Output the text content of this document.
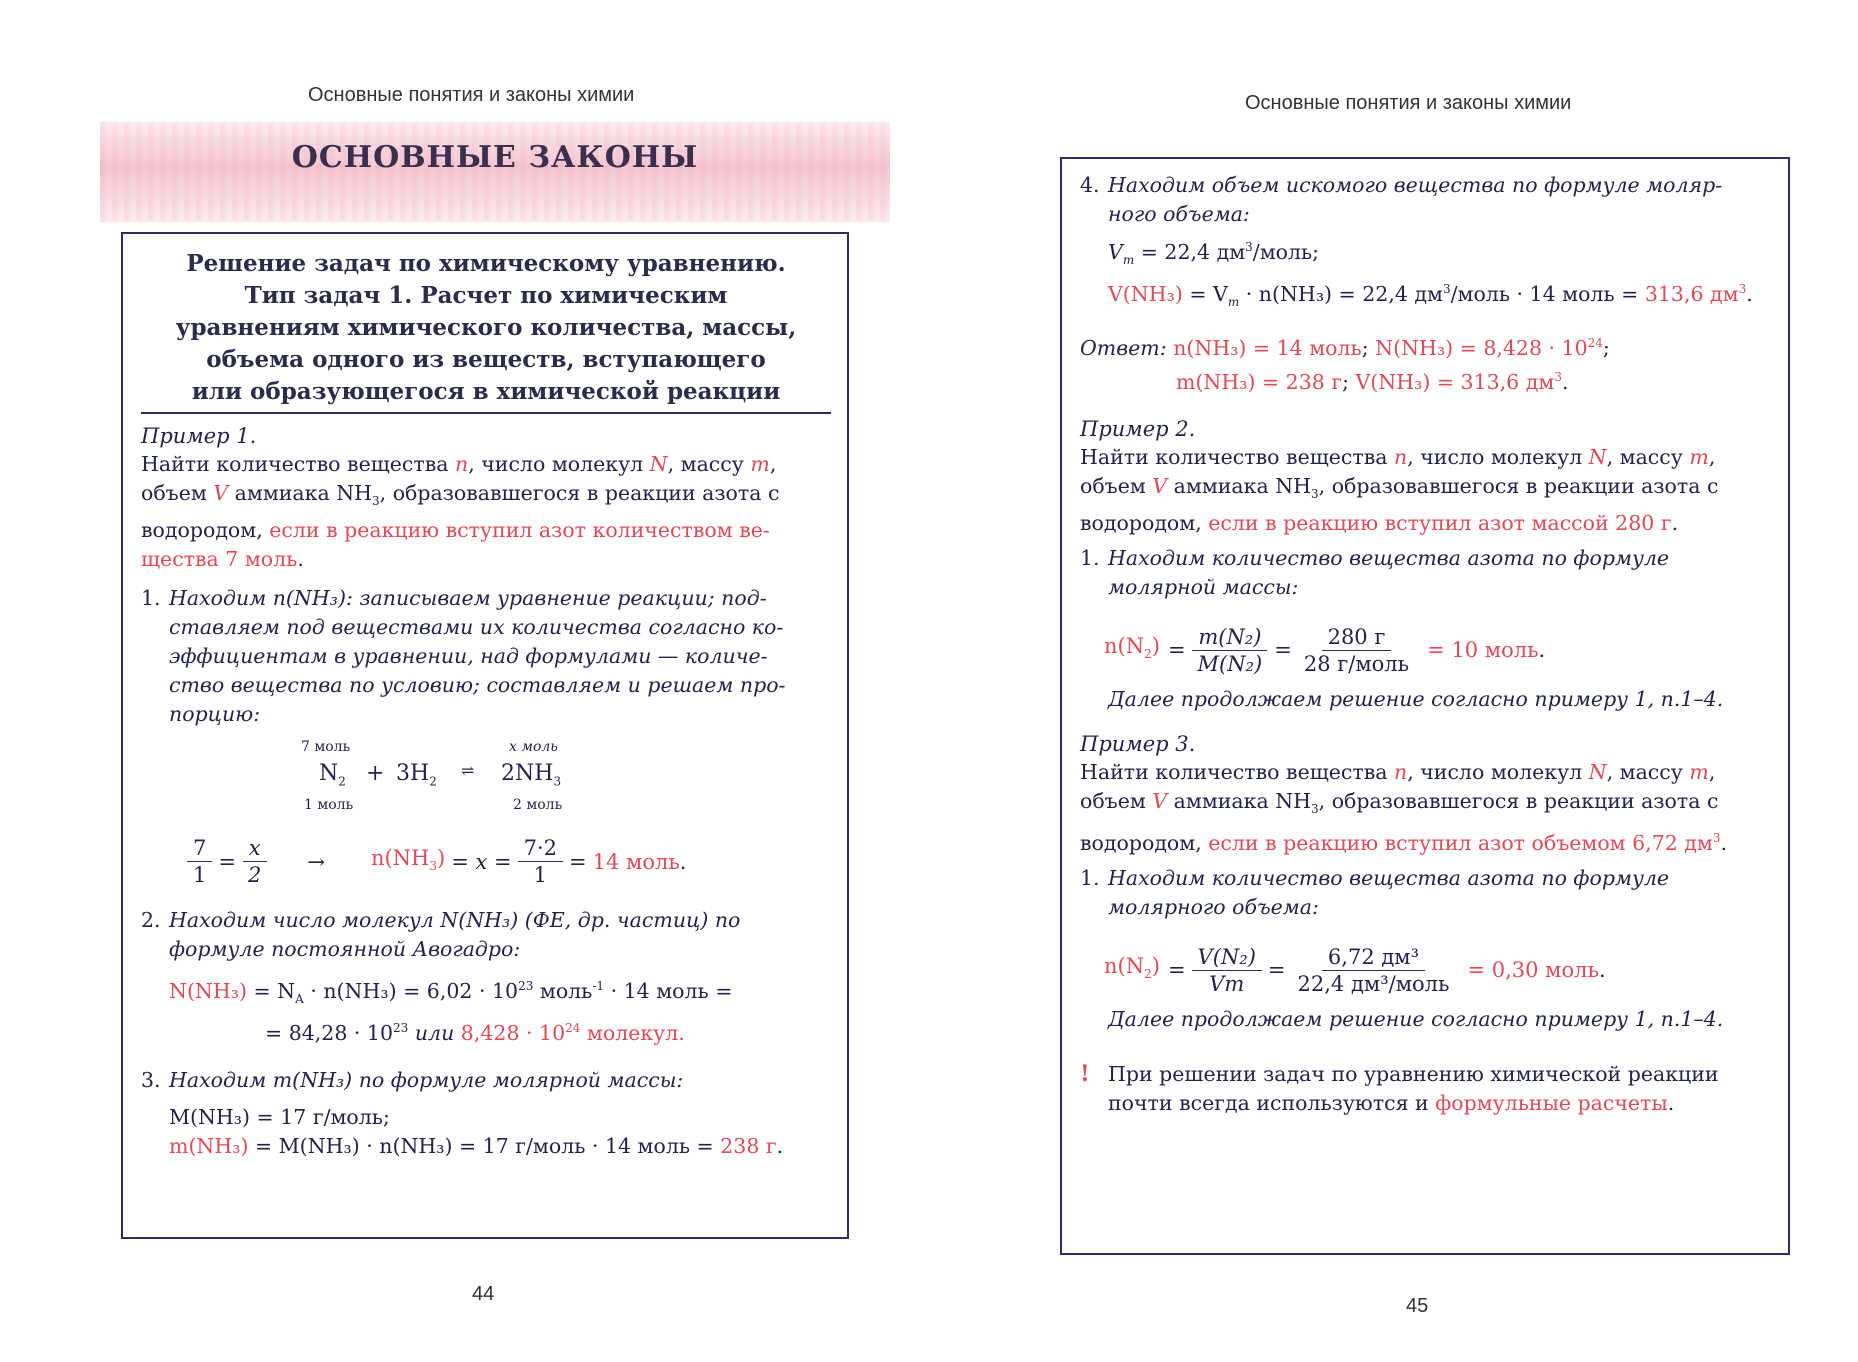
Основные понятия и законы химии
ОСНОВНЫЕ ЗАКОНЫ
Решение задач по химическому уравнению.
Тип задач 1. Расчет по химическим
уравнениям химического количества, массы,
объема одного из веществ, вступающего
или образующегося в химической реакции
Пример 1.

Найти количество вещества n, число молекул N, массу m,
объем V аммиака $NH_3$, образовавшегося в реакции азота с
водородом, если в реакцию вступил азот количеством ве-
щества 7 моль.

1. Находим n(NH₃): записываем уравнение реакции; под-
ставляем под веществами их количества согласно ко-
эффициентам в уравнении, над формулами — количе-
ство вещества по условию; составляем и решаем про-
порцию:
7 моль	x моль
$N_2 + 3H_2$
⇌ $2NH_3$
1 моль	2 моль
$\frac{7}{1} = \frac{x}{2} \to n(NH_3) = x = \frac{7\cdot 2}{1} = 14$ моль .
2. Находим число молекул N(NH₃) (ФЕ, др. частиц) по
формуле постоянной Авогадро:

$N(NH_3) = N_A \cdot n(NH_3) = 6,02 \cdot 10^{23}$ моль$^{-1}$ · 14 моль =
= $84,28 \cdot 10^{23}$ или $8,428 \cdot 10^{24}$ молекул.

3. Находим m(NH₃) по формуле молярной массы:

M(NH₃) = 17 г/моль;
m(NH₃) = M(NH₃) · n(NH₃) = 17 г/моль · 14 моль = 238 г.

44
Основные понятия и законы химии
4. Находим объем искомого вещества по формуле моляр-
ного объема:

$V_m = 22,4$ $дм^3$/моль;
$V(NH_3) = V_m \cdot n(NH_3) = 22,4$ $дм^3$/моль · 14 моль = 313,6 $дм^3$.

Ответ: n(NH₃) = 14 моль; $N(NH_3) = 8,428 \cdot 10^{24}$;
m(NH₃) = 238 г; V(NH₃) = 313,6 $дм^3$.

Пример 2.

Найти количество вещества n, число молекул N, массу m,
объем V аммиака $NH_3$, образовавшегося в реакции азота с
водородом, если в реакцию вступил азот массой 280 г.

1. Находим количество вещества азота по формуле
молярной массы:
$n(N_2) = \frac{\text{m(N₂)}}{\text{M(N₂)}} = \frac{280 г}{\text{28 г/моль}} = 10$ моль .

Далее продолжаем решение согласно примеру 1, п.1–4.

Пример 3.

Найти количество вещества n, число молекул N, массу m,
объем V аммиака $NH_3$, образовавшегося в реакции азота с
водородом, если в реакцию вступил азот объемом 6,72 $дм^3$.

1. Находим количество вещества азота по формуле
молярного объема:
$n(N_2) = \frac{\text{V(N₂)}}{Vm} = \frac{\text{6,72 дм³}}{\text{22,4 дм³/моль}} = 0,30$ моль .

Далее продолжаем решение согласно примеру 1, п.1–4.

! При решении задач по уравнению химической реакции
почти всегда используются и формульные расчеты.
45
